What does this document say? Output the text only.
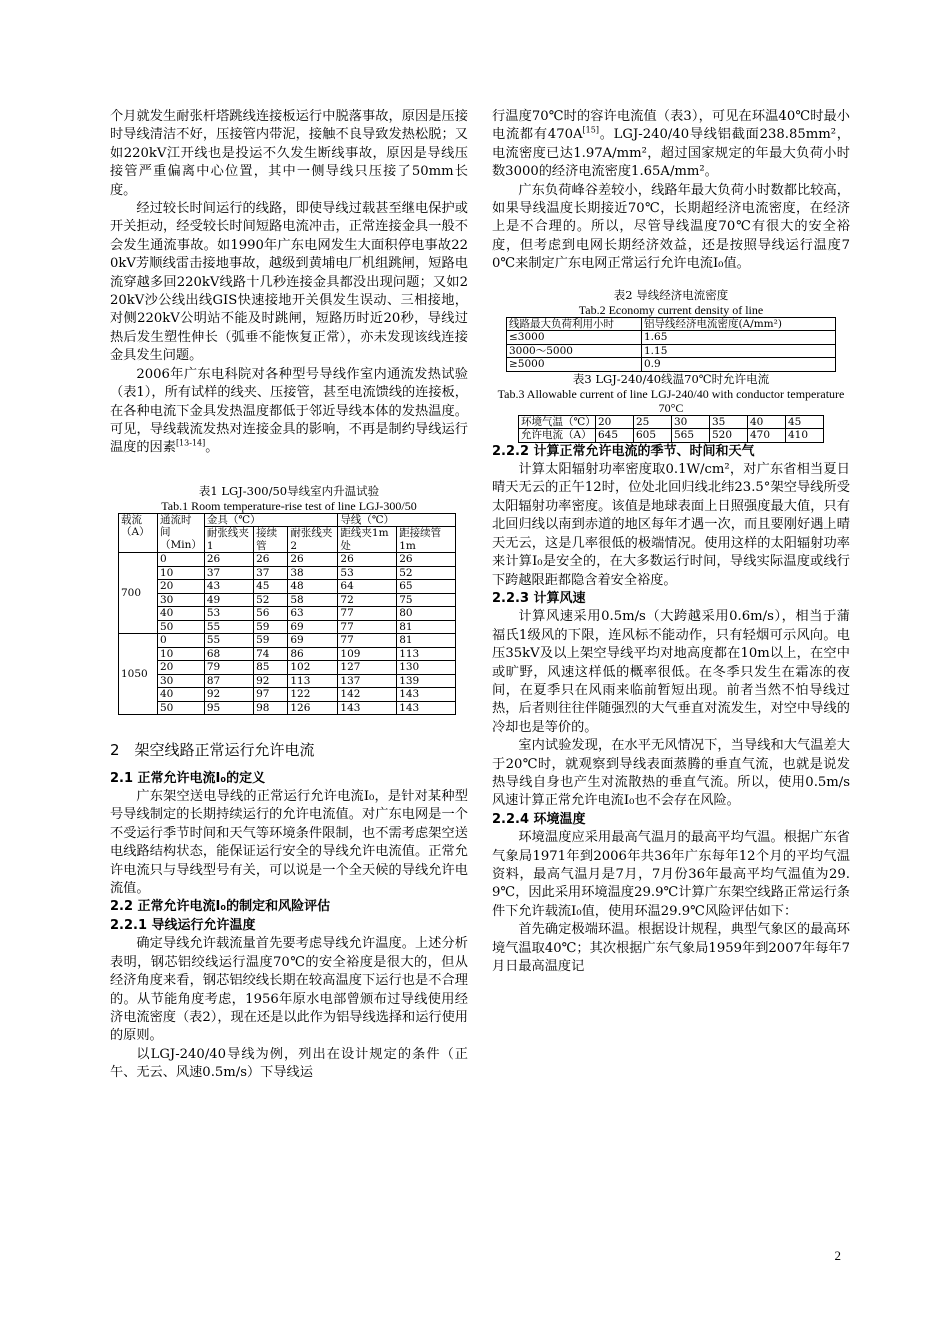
个月就发生耐张杆塔跳线连接板运行中脱落事故，原因是压接时导线清洁不好，压接管内带泥，接触不良导致发热松脱；又如220kV江开线也是投运不久发生断线事故，原因是导线压接管严重偏离中心位置，其中一侧导线只压接了50mm长度。

经过较长时间运行的线路，即使导线过载甚至继电保护或开关拒动，经受较长时间短路电流冲击，正常连接金具一般不会发生通流事故。如1990年广东电网发生大面积停电事故220kV芳顺线雷击接地事故，越级到黄埔电厂机组跳闸，短路电流穿越多回220kV线路十几秒连接金具都没出现问题；又如220kV沙公线出线GIS快速接地开关俱发生误动、三相接地，对侧220kV公明站不能及时跳闸，短路历时近20秒，导线过热后发生塑性伸长（弧垂不能恢复正常），亦未发现该线连接金具发生问题。

2006年广东电科院对各种型号导线作室内通流发热试验（表1），所有试样的线夹、压接管，甚至电流馈线的连接板，在各种电流下金具发热温度都低于邻近导线本体的发热温度。可见，导线载流发热对连接金具的影响，不再是制约导线运行温度的因素[13-14]。

表1 LGJ-300/50导线室内升温试验
Tab.1 Room temperature-rise test of line LGJ-300/50
载流（A）	通流时间（Min）	金具（℃）			导线（℃）	
		耐张线夹1	接续管	耐张线夹2	距线夹1m处	距接续管1m
700	0	26	26	26	26	26
	10	37	37	38	53	52
	20	43	45	48	64	65
	30	49	52	58	72	75
	40	53	56	63	77	80
	50	55	59	69	77	81
1050	0	55	59	69	77	81
	10	68	74	86	109	113
	20	79	85	102	127	130
	30	87	92	113	137	139
	40	92	97	122	142	143
	50	95	98	126	143	143
2　架空线路正常运行允许电流
2.1 正常允许电流I₀的定义

广东架空送电导线的正常运行允许电流I₀，是针对某种型号导线制定的长期持续运行的允许电流值。对广东电网是一个不受运行季节时间和天气等环境条件限制，也不需考虑架空送电线路结构状态，能保证运行安全的导线允许电流值。正常允许电流只与导线型号有关，可以说是一个全天候的导线允许电流值。

2.2 正常允许电流I₀的制定和风险评估
2.2.1 导线运行允许温度

确定导线允许载流量首先要考虑导线允许温度。上述分析表明，钢芯铝绞线运行温度70℃的安全裕度是很大的，但从经济角度来看，钢芯铝绞线长期在较高温度下运行也是不合理的。从节能角度考虑，1956年原水电部曾颁布过导线使用经济电流密度（表2），现在还是以此作为铝导线选择和运行使用的原则。

以LGJ-240/40导线为例，列出在设计规定的条件（正午、无云、风速0.5m/s）下导线运

行温度70℃时的容许电流值（表3），可见在环温40℃时最小电流都有470A[15]。LGJ-240/40导线铝截面238.85mm²，电流密度已达1.97A/mm²，超过国家规定的年最大负荷小时数3000的经济电流密度1.65A/mm²。

广东负荷峰谷差较小，线路年最大负荷小时数都比较高，如果导线温度长期接近70℃，长期超经济电流密度，在经济上是不合理的。所以，尽管导线温度70℃有很大的安全裕度，但考虑到电网长期经济效益，还是按照导线运行温度70℃来制定广东电网正常运行允许电流I₀值。

表2 导线经济电流密度
Tab.2 Economy current density of line
线路最大负荷利用小时	铝导线经济电流密度(A/mm²)
≤3000	1.65
3000～5000	1.15
≥5000	0.9
表3 LGJ-240/40线温70℃时允许电流
Tab.3 Allowable current of line LGJ-240/40 with conductor temperature 70°C
环境气温（℃）	20	25	30	35	40	45
允许电流（A）	645	605	565	520	470	410
2.2.2 计算正常允许电流的季节、时间和天气

计算太阳辐射功率密度取0.1W/cm²，对广东省相当夏日晴天无云的正午12时，位处北回归线北纬23.5°架空导线所受太阳辐射功率密度。该值是地球表面上日照强度最大值，只有北回归线以南到赤道的地区每年才遇一次，而且要刚好遇上晴天无云，这是几率很低的极端情况。使用这样的太阳辐射功率来计算I₀是安全的，在大多数运行时间，导线实际温度或线行下跨越限距都隐含着安全裕度。

2.2.3 计算风速

计算风速采用0.5m/s（大跨越采用0.6m/s），相当于蒲福氏1级风的下限，连风标不能动作，只有轻烟可示风向。电压35kV及以上架空导线平均对地高度都在10m以上，在空中或旷野，风速这样低的概率很低。在冬季只发生在霜冻的夜间，在夏季只在风雨来临前暂短出现。前者当然不怕导线过热，后者则往往伴随强烈的大气垂直对流发生，对空中导线的冷却也是等价的。

室内试验发现，在水平无风情况下，当导线和大气温差大于20℃时，就观察到导线表面蒸腾的垂直气流，也就是说发热导线自身也产生对流散热的垂直气流。所以，使用0.5m/s风速计算正常允许电流I₀也不会存在风险。

2.2.4 环境温度

环境温度应采用最高气温月的最高平均气温。根据广东省气象局1971年到2006年共36年广东每年12个月的平均气温资料，最高气温月是7月，7月份36年最高平均气温值为29.9℃，因此采用环境温度29.9℃计算广东架空线路正常运行条件下允许载流I₀值，使用环温29.9℃风险评估如下：

首先确定极端环温。根据设计规程，典型气象区的最高环境气温取40℃；其次根据广东气象局1959年到2007年每年7月日最高温度记

2
